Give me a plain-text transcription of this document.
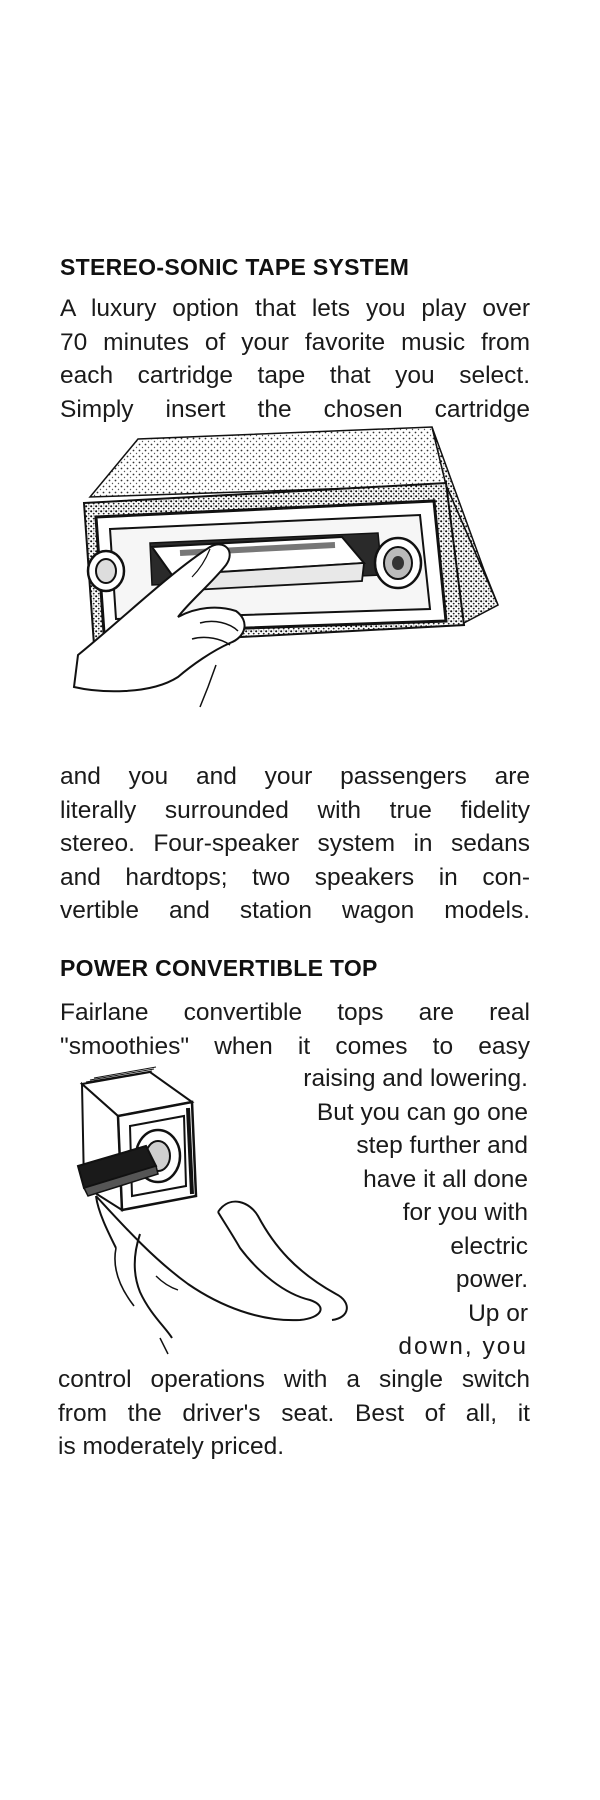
STEREO-SONIC TAPE SYSTEM
A luxury option that lets you play over
70 minutes of your favorite music from
each cartridge tape that you select.
Simply insert the chosen cartridge
and you and your passengers are
literally surrounded with true fidelity
stereo. Four-speaker system in sedans
and hardtops; two speakers in con-
vertible and station wagon models.
POWER CONVERTIBLE TOP
Fairlane convertible tops are real
"smoothies" when it comes to easy
raising and lowering.
But you can go one
step further and
have it all done
for you with
electric
power.
Up or
down, you
control operations with a single switch
from the driver's seat. Best of all, it
is moderately priced.
